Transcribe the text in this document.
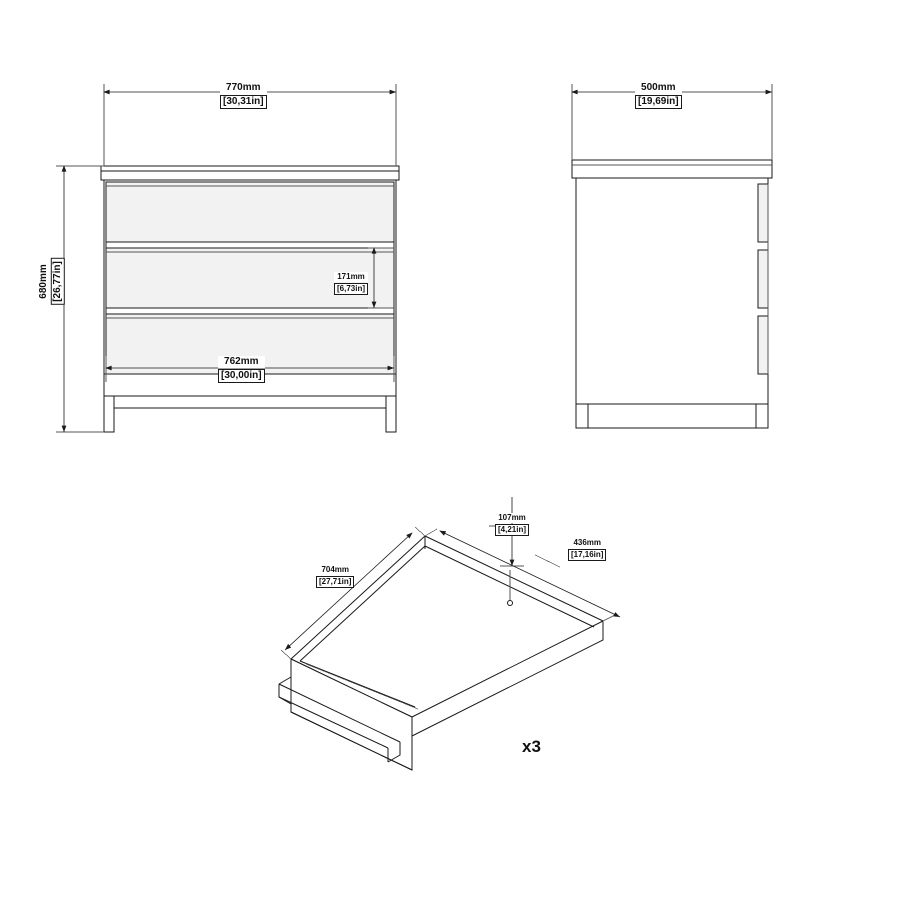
770mm
[30,31in]
680mm [26,77in]	171mm
[6,73in]
762mm
[30,00in]
500mm
[19,69in]
107mm
[4,21in]
704mm
[27,71in]
436mm
[17,16in]
x3
